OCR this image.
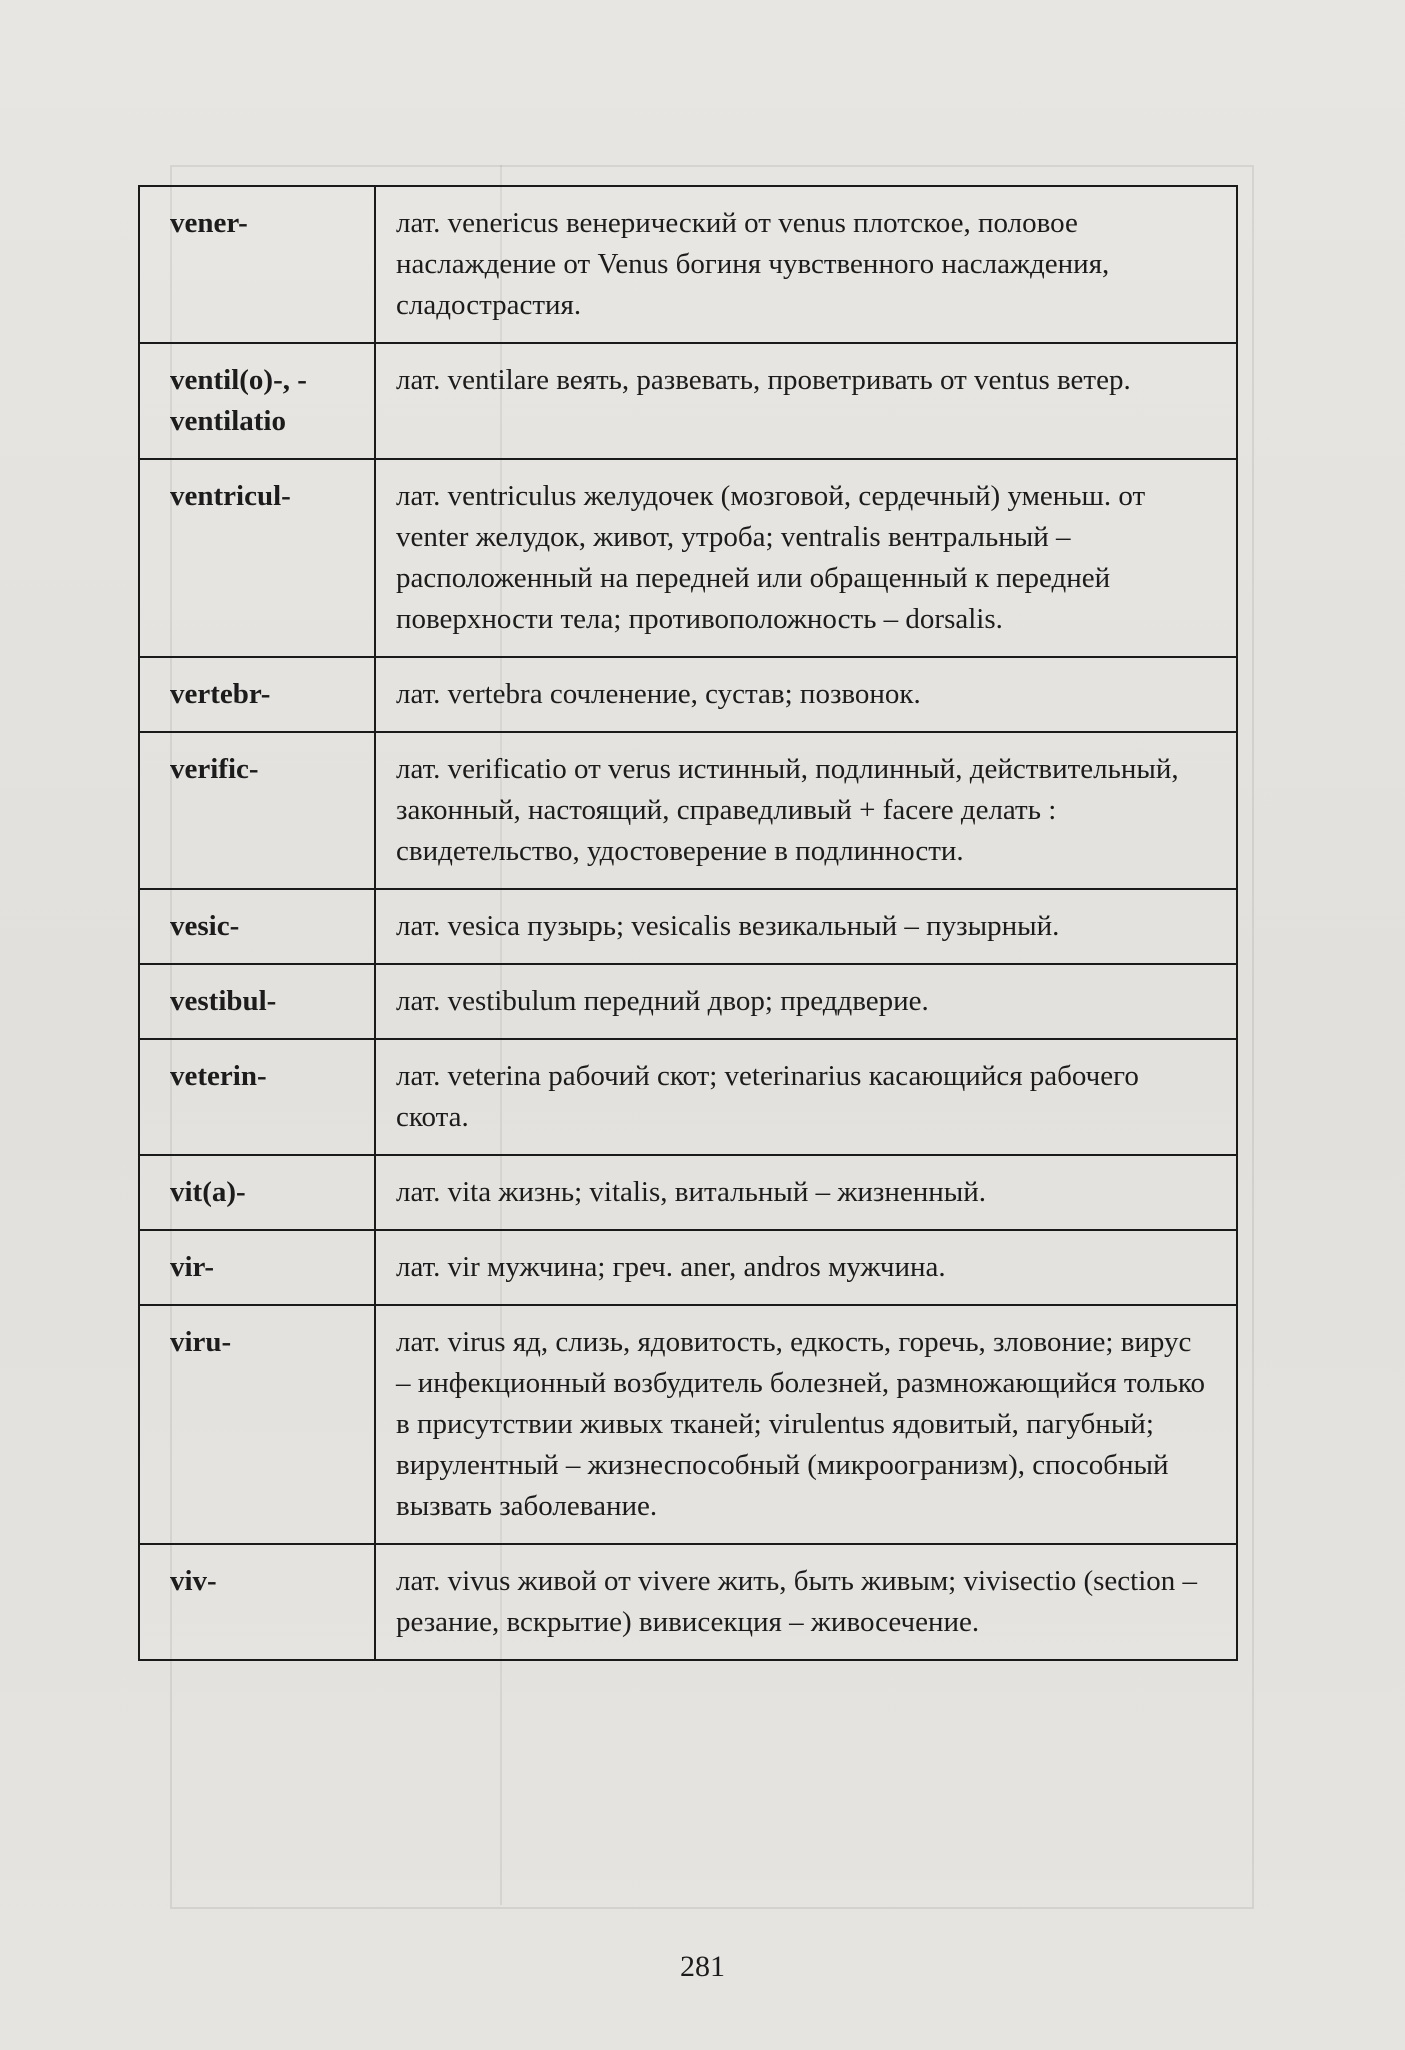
vener-	лат. venericus венерический от venus плотское, половое наслаждение от Venus богиня чувственного наслаждения, сладострастия.
ventil(o)-, -ventilatio	лат. ventilare веять, развевать, проветривать от ventus ветер.
ventricul-	лат. ventriculus желудочек (мозговой, сердечный) уменьш. от venter желудок, живот, утроба; ventralis вентральный – расположенный на передней или обращенный к передней поверхности тела; противоположность – dorsalis.
vertebr-	лат. vertebra сочленение, сустав; позвонок.
verific-	лат. verificatio от verus истинный, подлинный, действительный, законный, настоящий, справедливый + facere делать : свидетельство, удостоверение в подлинности.
vesic-	лат. vesica пузырь; vesicalis везикальный – пузырный.
vestibul-	лат. vestibulum передний двор; преддверие.
veterin-	лат. veterina рабочий скот; veterinarius касающийся рабочего скота.
vit(a)-	лат. vita жизнь; vitalis, витальный – жизненный.
vir-	лат. vir мужчина; греч. aner, andros мужчина.
viru-	лат. virus яд, слизь, ядовитость, едкость, горечь, зловоние; вирус – инфекционный возбудитель болезней, размножающийся только в присутствии живых тканей; virulentus ядовитый, пагубный; вирулентный – жизнеспособный (микроогранизм), способный вызвать заболевание.
viv-	лат. vivus живой от vivere жить, быть живым; vivisectio (section – резание, вскрытие) вивисекция – живосечение.
281
